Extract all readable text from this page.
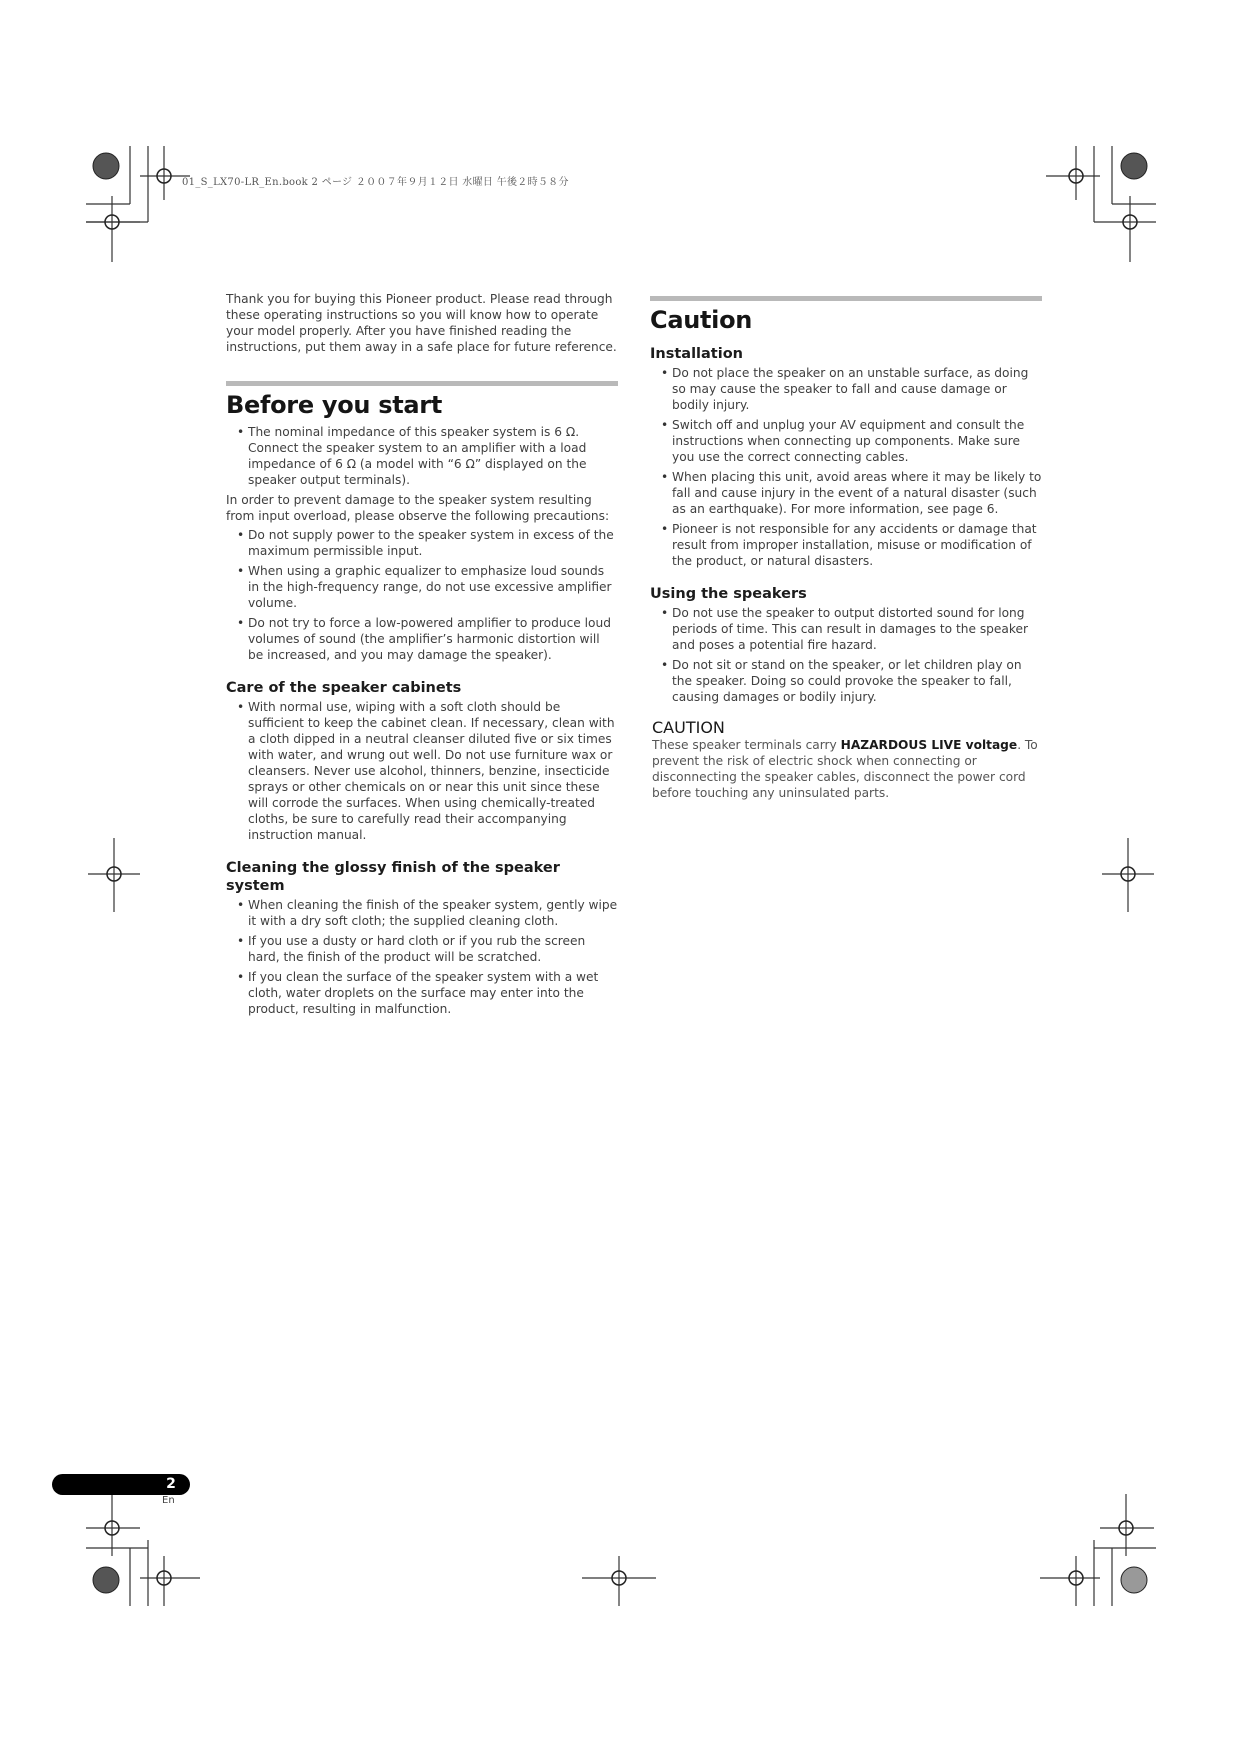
01_S_LX70-LR_En.book 2 ページ ２００７年９月１２日 水曜日 午後２時５８分

Thank you for buying this Pioneer product. Please read through these operating instructions so you will know how to operate your model properly. After you have finished reading the instructions, put them away in a safe place for future reference.

Before you start
• The nominal impedance of this speaker system is 6 Ω. Connect the speaker system to an amplifier with a load impedance of 6 Ω (a model with “6 Ω” displayed on the speaker output terminals).

In order to prevent damage to the speaker system resulting from input overload, please observe the following precautions:

• Do not supply power to the speaker system in excess of the maximum permissible input.
• When using a graphic equalizer to emphasize loud sounds in the high-frequency range, do not use excessive amplifier volume.
• Do not try to force a low-powered amplifier to produce loud volumes of sound (the amplifier’s harmonic distortion will be increased, and you may damage the speaker).
Care of the speaker cabinets
• With normal use, wiping with a soft cloth should be sufficient to keep the cabinet clean. If necessary, clean with a cloth dipped in a neutral cleanser diluted five or six times with water, and wrung out well. Do not use furniture wax or cleansers. Never use alcohol, thinners, benzine, insecticide sprays or other chemicals on or near this unit since these will corrode the surfaces. When using chemically-treated cloths, be sure to carefully read their accompanying instruction manual.
Cleaning the glossy finish of the speaker system
• When cleaning the finish of the speaker system, gently wipe it with a dry soft cloth; the supplied cleaning cloth.
• If you use a dusty or hard cloth or if you rub the screen hard, the finish of the product will be scratched.
• If you clean the surface of the speaker system with a wet cloth, water droplets on the surface may enter into the product, resulting in malfunction.
Caution
Installation
• Do not place the speaker on an unstable surface, as doing so may cause the speaker to fall and cause damage or bodily injury.
• Switch off and unplug your AV equipment and consult the instructions when connecting up components. Make sure you use the correct connecting cables.
• When placing this unit, avoid areas where it may be likely to fall and cause injury in the event of a natural disaster (such as an earthquake). For more information, see page 6.
• Pioneer is not responsible for any accidents or damage that result from improper installation, misuse or modification of the product, or natural disasters.
Using the speakers
• Do not use the speaker to output distorted sound for long periods of time. This can result in damages to the speaker and poses a potential fire hazard.
• Do not sit or stand on the speaker, or let children play on the speaker. Doing so could provoke the speaker to fall, causing damages or bodily injury.
CAUTION

These speaker terminals carry HAZARDOUS LIVE voltage. To prevent the risk of electric shock when connecting or disconnecting the speaker cables, disconnect the power cord before touching any uninsulated parts.

2
En
